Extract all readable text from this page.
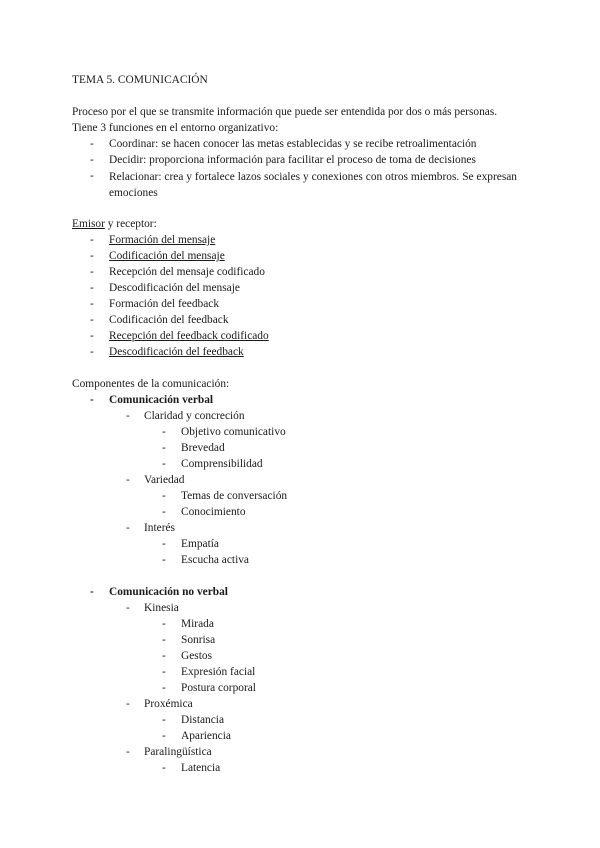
TEMA 5. COMUNICACIÓN
Proceso por el que se transmite información que puede ser entendida por dos o más personas.
Tiene 3 funciones en el entorno organizativo:
- Coordinar: se hacen conocer las metas establecidas y se recibe retroalimentación
- Decidir: proporciona información para facilitar el proceso de toma de decisiones
- Relacionar: crea y fortalece lazos sociales y conexiones con otros miembros. Se expresan emociones
Emisor y receptor:
- Formación del mensaje
- Codificación del mensaje
- Recepción del mensaje codificado
- Descodificación del mensaje
- Formación del feedback
- Codificación del feedback
- Recepción del feedback codificado
- Descodificación del feedback
Componentes de la comunicación:
- Comunicación verbal
- Claridad y concreción
- Objetivo comunicativo
- Brevedad
- Comprensibilidad
- Variedad
- Temas de conversación
- Conocimiento
- Interés
- Empatía
- Escucha activa
- Comunicación no verbal
- Kinesia
- Mirada
- Sonrisa
- Gestos
- Expresión facial
- Postura corporal
- Proxémica
- Distancia
- Apariencia
- Paralingüística
- Latencia
